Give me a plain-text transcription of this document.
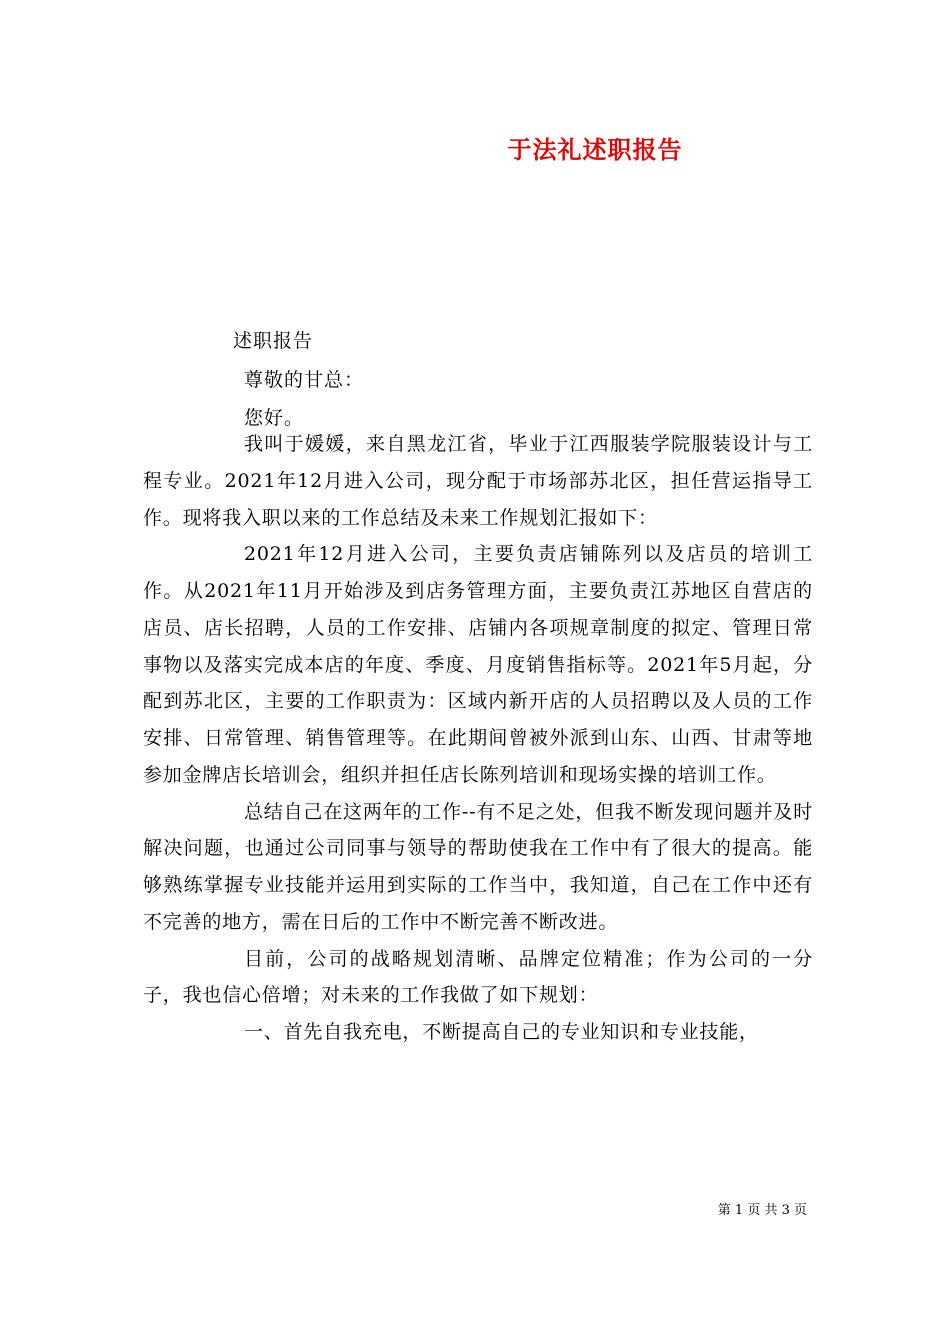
于法礼述职报告
述职报告
尊敬的甘总：
您好。

我叫于媛媛，来自黑龙江省，毕业于江西服装学院服装设计与工程专业。2021年12月进入公司，现分配于市场部苏北区，担任营运指导工作。现将我入职以来的工作总结及未来工作规划汇报如下：

2021年12月进入公司，主要负责店铺陈列以及店员的培训工作。从2021年11月开始涉及到店务管理方面，主要负责江苏地区自营店的店员、店长招聘，人员的工作安排、店铺内各项规章制度的拟定、管理日常事物以及落实完成本店的年度、季度、月度销售指标等。2021年5月起，分配到苏北区，主要的工作职责为：区域内新开店的人员招聘以及人员的工作安排、日常管理、销售管理等。在此期间曾被外派到山东、山西、甘肃等地参加金牌店长培训会，组织并担任店长陈列培训和现场实操的培训工作。

总结自己在这两年的工作--有不足之处，但我不断发现问题并及时解决问题，也通过公司同事与领导的帮助使我在工作中有了很大的提高。能够熟练掌握专业技能并运用到实际的工作当中，我知道，自己在工作中还有不完善的地方，需在日后的工作中不断完善不断改进。

目前，公司的战略规划清晰、品牌定位精准；作为公司的一分子，我也信心倍增；对未来的工作我做了如下规划：

一、首先自我充电，不断提高自己的专业知识和专业技能，

第 1 页 共 3 页
